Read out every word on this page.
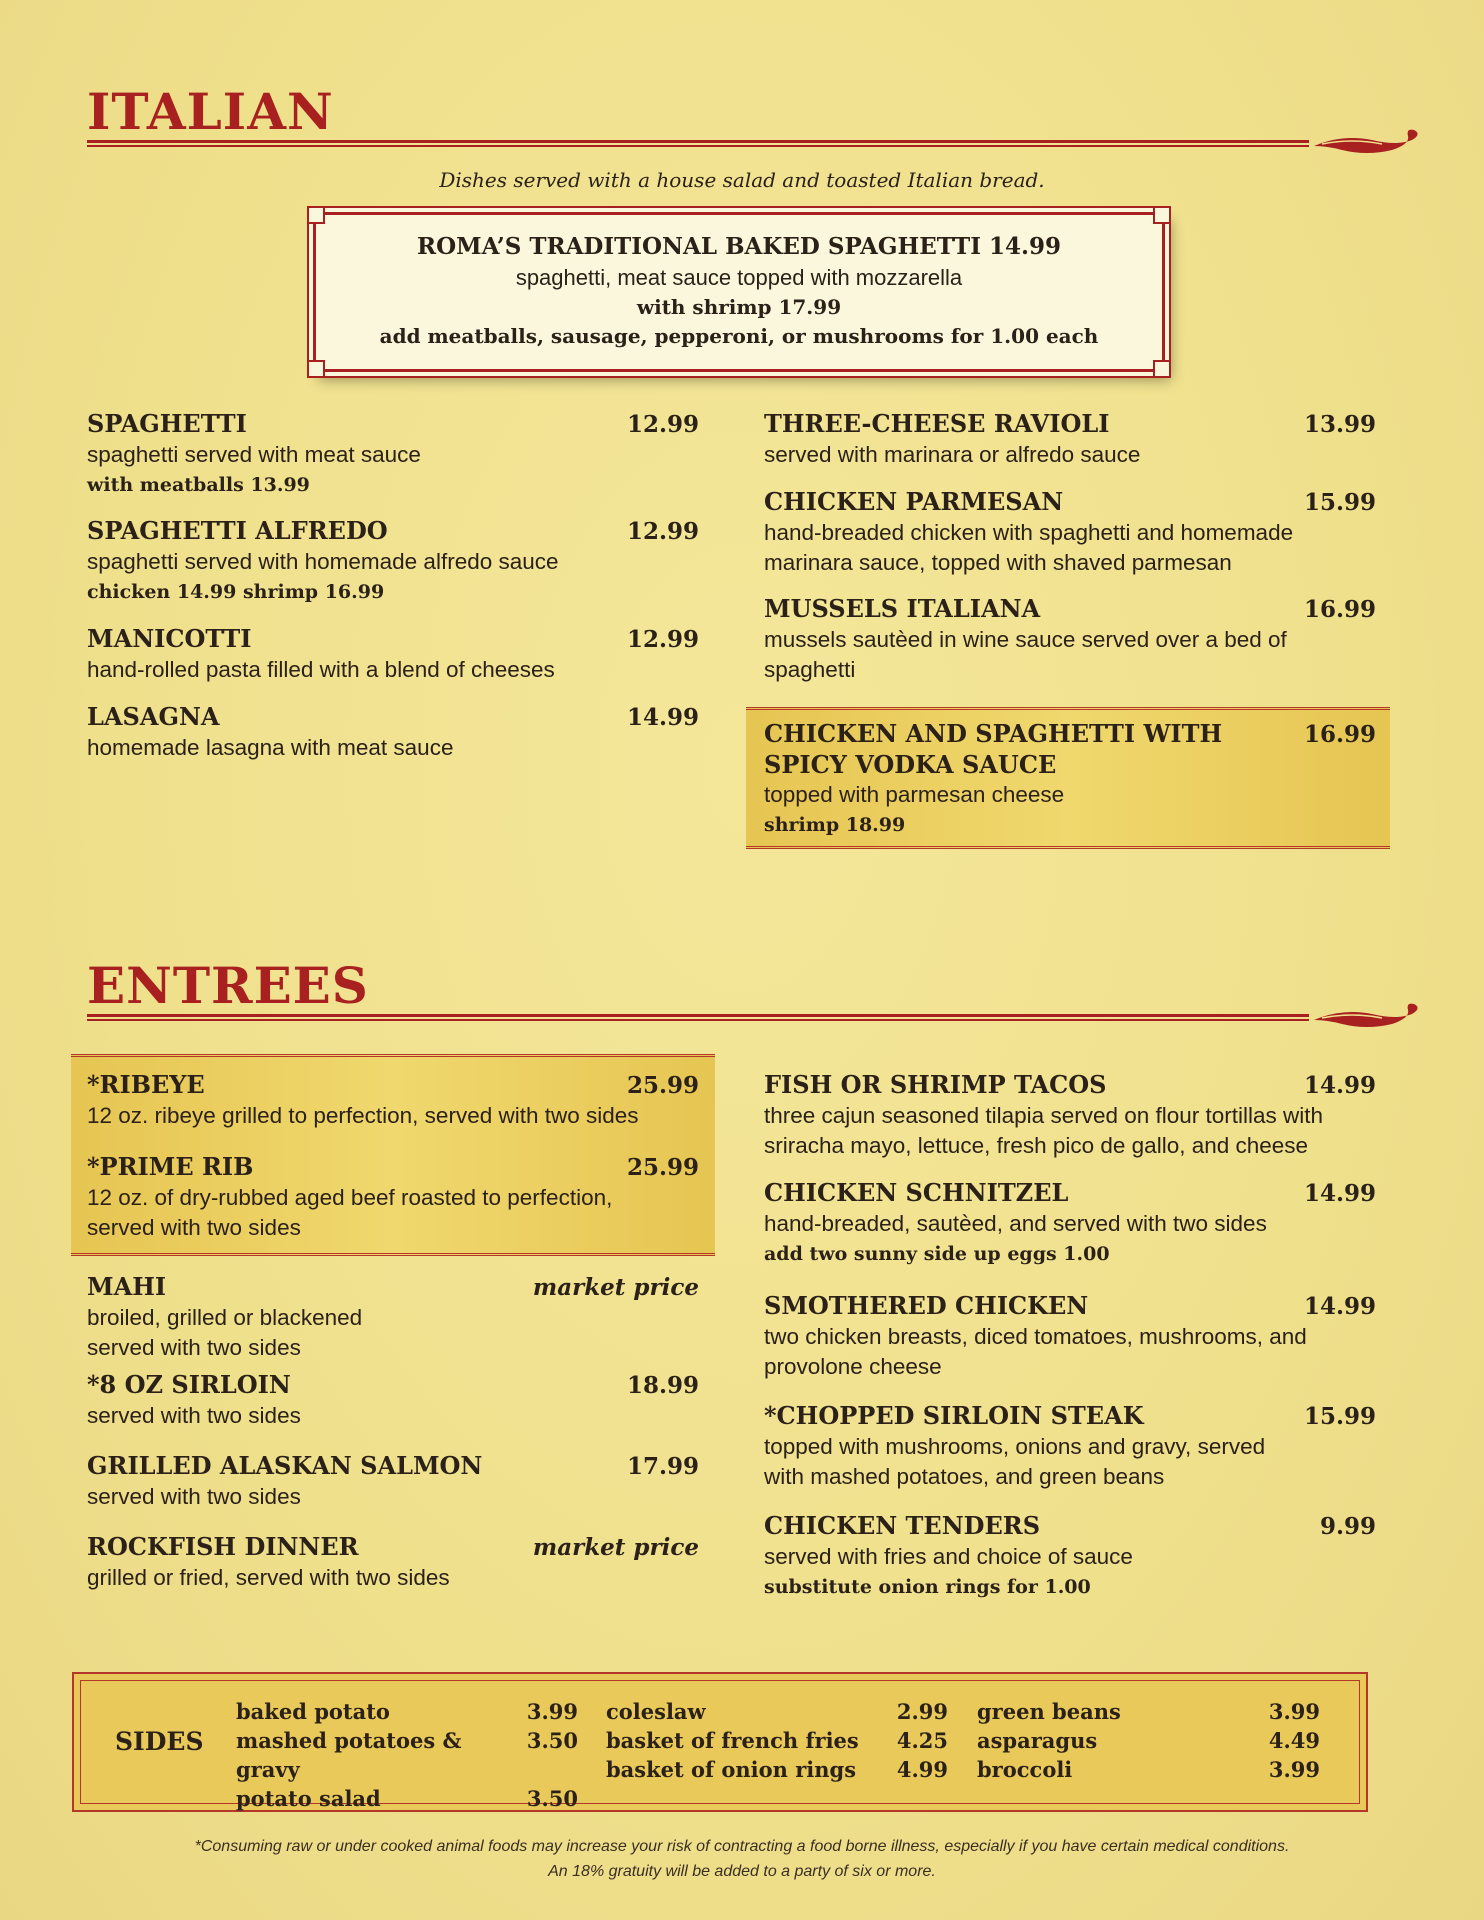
ITALIAN
Dishes served with a house salad and toasted Italian bread.
ROMA’S TRADITIONAL BAKED SPAGHETTI 14.99
spaghetti, meat sauce topped with mozzarella
with shrimp 17.99
add meatballs, sausage, pepperoni, or mushrooms for 1.00 each
SPAGHETTI	12.99
spaghetti served with meat sauce
with meatballs 13.99
SPAGHETTI ALFREDO	12.99
spaghetti served with homemade alfredo sauce
chicken 14.99 shrimp 16.99
MANICOTTI	12.99
hand-rolled pasta filled with a blend of cheeses
LASAGNA	14.99
homemade lasagna with meat sauce
THREE-CHEESE RAVIOLI	13.99
served with marinara or alfredo sauce
CHICKEN PARMESAN	15.99
hand-breaded chicken with spaghetti and homemade
marinara sauce, topped with shaved parmesan
MUSSELS ITALIANA	16.99
mussels sautèed in wine sauce served over a bed of
spaghetti
CHICKEN AND SPAGHETTI WITH	16.99
SPICY VODKA SAUCE
topped with parmesan cheese
shrimp 18.99
ENTREES
*RIBEYE	25.99
12 oz. ribeye grilled to perfection, served with two sides
*PRIME RIB	25.99
12 oz. of dry-rubbed aged beef roasted to perfection,
served with two sides
MAHI	market price
broiled, grilled or blackened
served with two sides
*8 OZ SIRLOIN	18.99
served with two sides
GRILLED ALASKAN SALMON	17.99
served with two sides
ROCKFISH DINNER	market price
grilled or fried, served with two sides
FISH OR SHRIMP TACOS	14.99
three cajun seasoned tilapia served on flour tortillas with
sriracha mayo, lettuce, fresh pico de gallo, and cheese
CHICKEN SCHNITZEL	14.99
hand-breaded, sautèed, and served with two sides
add two sunny side up eggs 1.00
SMOTHERED CHICKEN	14.99
two chicken breasts, diced tomatoes, mushrooms, and
provolone cheese
*CHOPPED SIRLOIN STEAK	15.99
topped with mushrooms, onions and gravy, served
with mashed potatoes, and green beans
CHICKEN TENDERS	9.99
served with fries and choice of sauce
substitute onion rings for 1.00
SIDES
baked potato	3.99
mashed potatoes & gravy
3.50
potato salad	3.50
coleslaw	2.99
basket of french fries 4.25
basket of onion rings 4.99
green beans	3.99
asparagus	4.49
broccoli	3.99
*Consuming raw or under cooked animal foods may increase your risk of contracting a food borne illness, especially if you have certain medical conditions.
An 18% gratuity will be added to a party of six or more.
